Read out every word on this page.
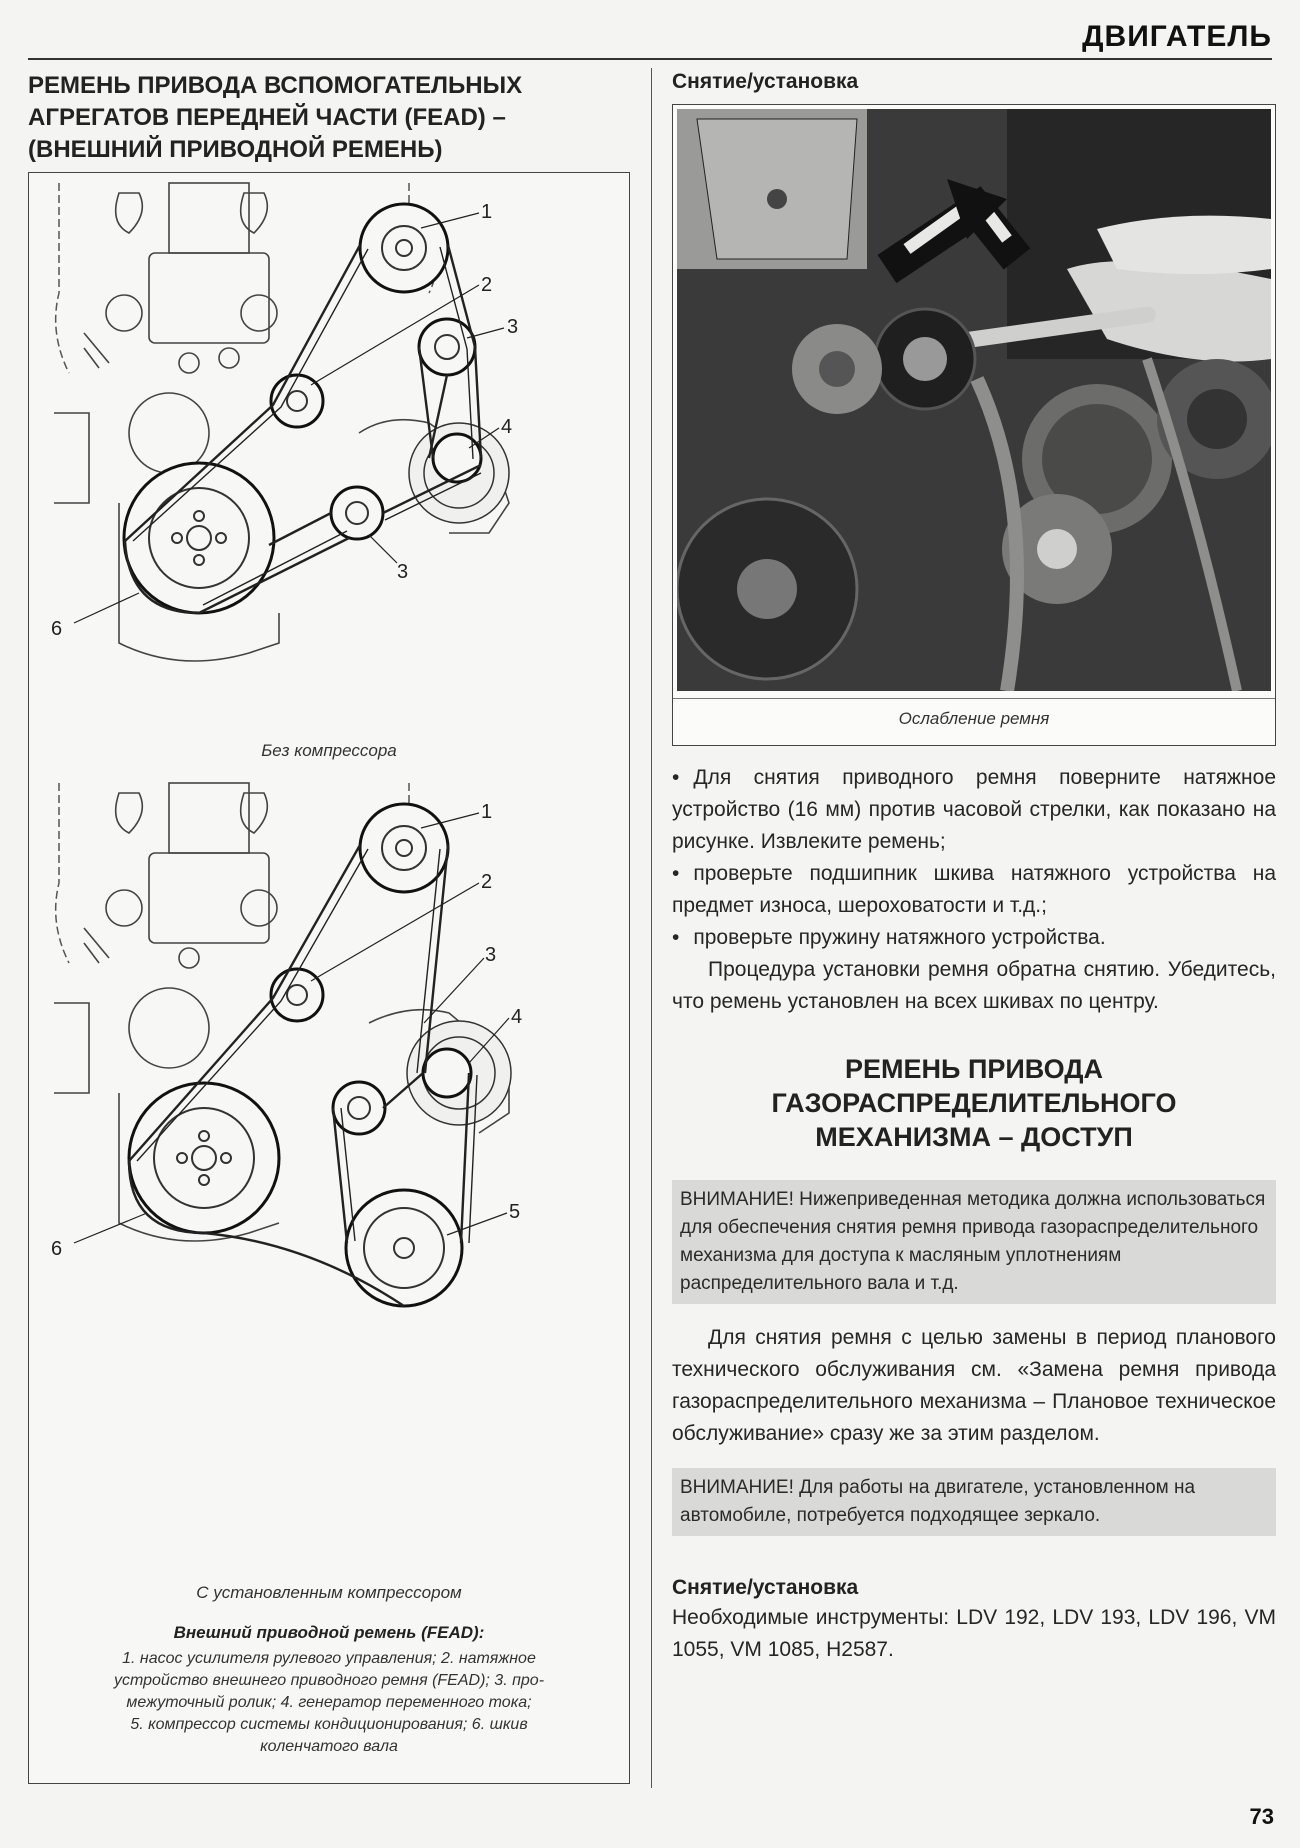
ДВИГАТЕЛЬ
РЕМЕНЬ ПРИВОДА ВСПОМОГАТЕЛЬНЫХ
АГРЕГАТОВ ПЕРЕДНЕЙ ЧАСТИ (FEAD) –
(ВНЕШНИЙ ПРИВОДНОЙ РЕМЕНЬ)
1
2
3
3
4
6
Без компрессора
1
2
3
4
5
6
С установленным компрессором
Внешний приводной ремень (FEAD):
1. насос усилителя рулевого управления; 2. натяжное
устройство внешнего приводного ремня (FEAD); 3. про-
межуточный ролик; 4. генератор переменного тока;
5. компрессор системы кондиционирования; 6. шкив
коленчатого вала
Снятие/установка
Ослабление ремня

• Для снятия приводного ремня поверните натяжное устройство (16 мм) против часовой стрелки, как показано на рисунке. Извлеките ремень;

• проверьте подшипник шкива натяжного устройства на предмет износа, шероховатости и т.д.;

• проверьте пружину натяжного устройства.

Процедура установки ремня обратна снятию. Убедитесь, что ремень установлен на всех шкивах по центру.

РЕМЕНЬ ПРИВОДА
ГАЗОРАСПРЕДЕЛИТЕЛЬНОГО
МЕХАНИЗМА – ДОСТУП
ВНИМАНИЕ! Нижеприведенная методика должна использоваться для обеспечения снятия ремня привода газораспределительного механизма для доступа к масляным уплотнениям распределительного вала и т.д.

Для снятия ремня с целью замены в период планового технического обслуживания см. «Замена ремня привода газораспределительного механизма – Плановое техническое обслуживание» сразу же за этим разделом.

ВНИМАНИЕ! Для работы на двигателе, установленном на автомобиле, потребуется подходящее зеркало.
Снятие/установка
Необходимые инструменты: LDV 192, LDV 193, LDV 196, VM 1055, VM 1085, H2587.
73
